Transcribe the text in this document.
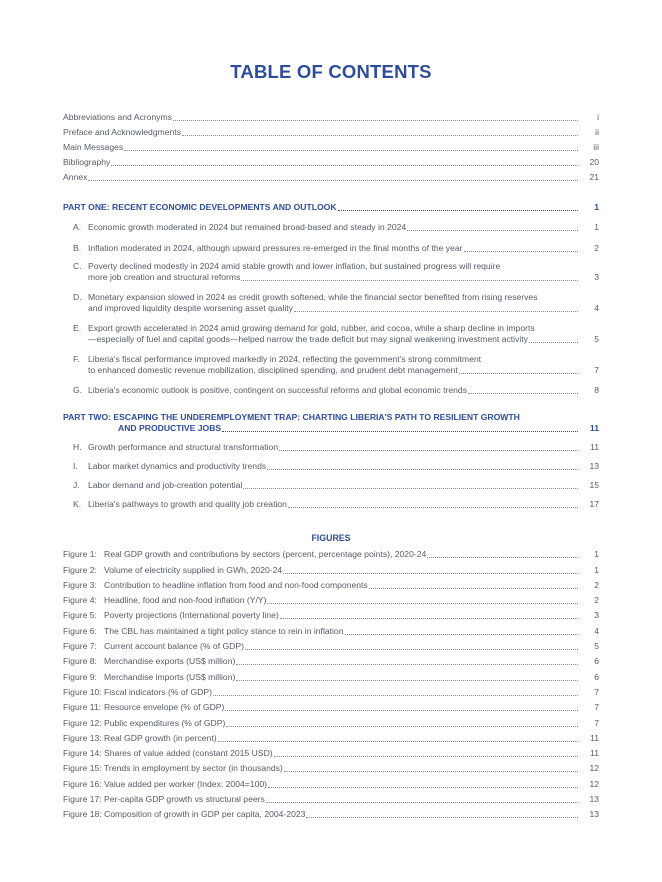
TABLE OF CONTENTS
Abbreviations and Acronyms	i
Preface and Acknowledgments	ii
Main Messages	iii
Bibliography	20
Annex	21
PART ONE: RECENT ECONOMIC DEVELOPMENTS AND OUTLOOK	1
A. Economic growth moderated in 2024 but remained broad-based and steady in 2024	1
B. Inflation moderated in 2024, although upward pressures re-emerged in the final months of the year	2
C. Poverty declined modestly in 2024 amid stable growth and lower inflation, but sustained progress will require
more job creation and structural reforms	3
D. Monetary expansion slowed in 2024 as credit growth softened, while the financial sector benefited from rising reserves
and improved liquidity despite worsening asset quality	4
E. Export growth accelerated in 2024 amid growing demand for gold, rubber, and cocoa, while a sharp decline in imports
—especially of fuel and capital goods—helped narrow the trade deficit but may signal weakening investment activity	5
F. Liberia's fiscal performance improved markedly in 2024, reflecting the government's strong commitment
to enhanced domestic revenue mobilization, disciplined spending, and prudent debt management	7
G. Liberia's economic outlook is positive, contingent on successful reforms and global economic trends	8
PART TWO: ESCAPING THE UNDEREMPLOYMENT TRAP: CHARTING LIBERIA'S PATH TO RESILIENT GROWTH
AND PRODUCTIVE JOBS	11
H. Growth performance and structural transformation	11
I. Labor market dynamics and productivity trends	13
J. Labor demand and job-creation potential	15
K. Liberia's pathways to growth and quality job creation	17
FIGURES
Figure 1: Real GDP growth and contributions by sectors (percent, percentage points), 2020-24	1
Figure 2: Volume of electricity supplied in GWh, 2020-24	1
Figure 3: Contribution to headline inflation from food and non-food components	2
Figure 4: Headline, food and non-food inflation (Y/Y)	2
Figure 5: Poverty projections (International poverty line)	3
Figure 6: The CBL has maintained a tight policy stance to rein in inflation	4
Figure 7: Current account balance (% of GDP)	5
Figure 8: Merchandise exports (US$ million)	6
Figure 9: Merchandise imports (US$ million)	6
Figure 10: Fiscal indicators (% of GDP)	7
Figure 11: Resource envelope (% of GDP)	7
Figure 12: Public expenditures (% of GDP)	7
Figure 13: Real GDP growth (in percent)	11
Figure 14: Shares of value added (constant 2015 USD)	11
Figure 15: Trends in employment by sector (in thousands)	12
Figure 16: Value added per worker (Index: 2004=100)	12
Figure 17: Per-capita GDP growth vs structural peers	13
Figure 18: Composition of growth in GDP per capita, 2004-2023	13
